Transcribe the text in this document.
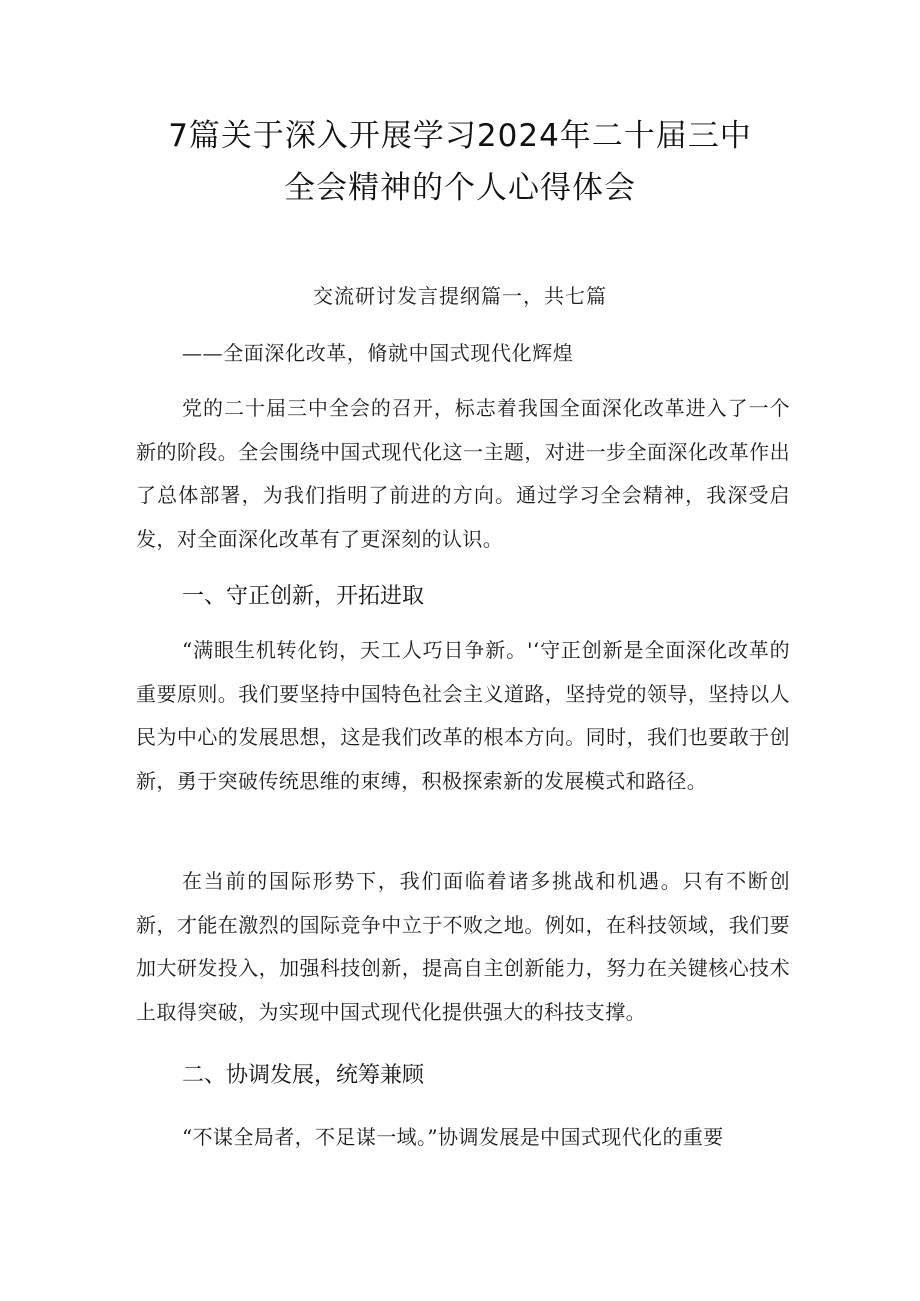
7篇关于深入开展学习2024年二十届三中
全会精神的个人心得体会

交流研讨发言提纲篇一，共七篇

——全面深化改革，脩就中国式现代化辉煌

党的二十届三中全会的召开，标志着我国全面深化改革进入了一个新的阶段。全会围绕中国式现代化这一主题，对进一步全面深化改革作出了总体部署，为我们指明了前进的方向。通过学习全会精神，我深受启发，对全面深化改革有了更深刻的认识。

一、守正创新，开拓进取

“满眼生机转化钧，天工人巧日争新。'‘守正创新是全面深化改革的重要原则。我们要坚持中国特色社会主义道路，坚持党的领导，坚持以人民为中心的发展思想，这是我们改革的根本方向。同时，我们也要敢于创新，勇于突破传统思维的束缚，积极探索新的发展模式和路径。

在当前的国际形势下，我们面临着诸多挑战和机遇。只有不断创新，才能在激烈的国际竞争中立于不败之地。例如，在科技领域，我们要加大研发投入，加强科技创新，提高自主创新能力，努力在关键核心技术上取得突破，为实现中国式现代化提供强大的科技支撑。

二、协调发展，统筹兼顾

“不谋全局者，不足谋一域。”协调发展是中国式现代化的重要
